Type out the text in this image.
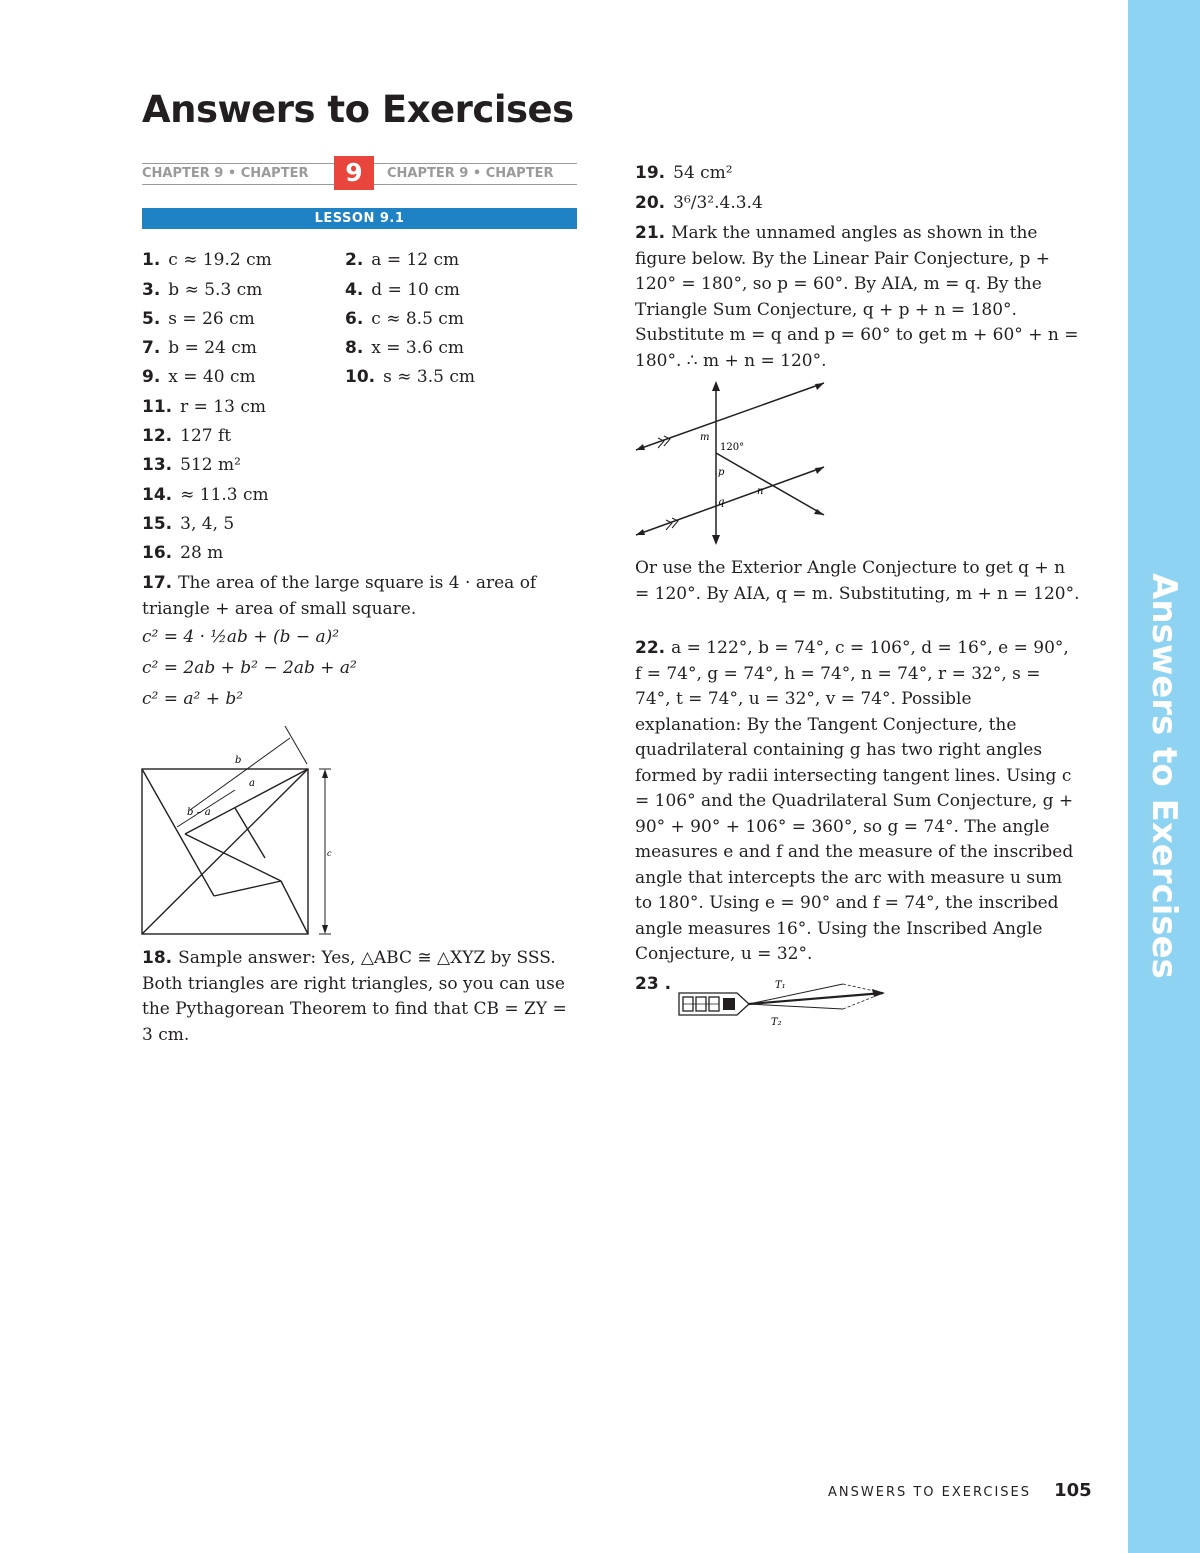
Answers to Exercises
Answers to Exercises
CHAPTER 9 • CHAPTER	9	CHAPTER 9 • CHAPTER
LESSON 9.1
1. c ≈ 19.2 cm	2. a = 12 cm
3. b ≈ 5.3 cm	4. d = 10 cm
5. s = 26 cm	6. c ≈ 8.5 cm
7. b = 24 cm	8. x = 3.6 cm
9. x = 40 cm	10. s ≈ 3.5 cm
11. r = 13 cm
12. 127 ft
13. 512 m²
14. ≈ 11.3 cm
15. 3, 4, 5
16. 28 m
17. The area of the large square is 4 · area of triangle + area of small square.
c² = 4 · ½ab + (b − a)²
c² = 2ab + b² − 2ab + a²
c² = a² + b²
b
a
b – a
c
18. Sample answer: Yes, △ABC ≅ △XYZ by SSS. Both triangles are right triangles, so you can use the Pythagorean Theorem to find that CB = ZY = 3 cm.
19. 54 cm²
20. 3⁶/3².4.3.4
21. Mark the unnamed angles as shown in the figure below. By the Linear Pair Conjecture, p + 120° = 180°, so p = 60°. By AIA, m = q. By the Triangle Sum Conjecture, q + p + n = 180°. Substitute m = q and p = 60° to get m + 60° + n = 180°. ∴ m + n = 120°.
m
120°
p
q
n
Or use the Exterior Angle Conjecture to get q + n = 120°. By AIA, q = m. Substituting, m + n = 120°.
22. a = 122°, b = 74°, c = 106°, d = 16°, e = 90°, f = 74°, g = 74°, h = 74°, n = 74°, r = 32°, s = 74°, t = 74°, u = 32°, v = 74°. Possible explanation: By the Tangent Conjecture, the quadrilateral containing g has two right angles formed by radii intersecting tangent lines. Using c = 106° and the Quadrilateral Sum Conjecture, g + 90° + 90° + 106° = 360°, so g = 74°. The angle measures e and f and the measure of the inscribed angle that intercepts the arc with measure u sum to 180°. Using e = 90° and f = 74°, the inscribed angle measures 16°. Using the Inscribed Angle Conjecture, u = 32°.
23 .	T₁
T₂
ANSWERS TO EXERCISES 105
